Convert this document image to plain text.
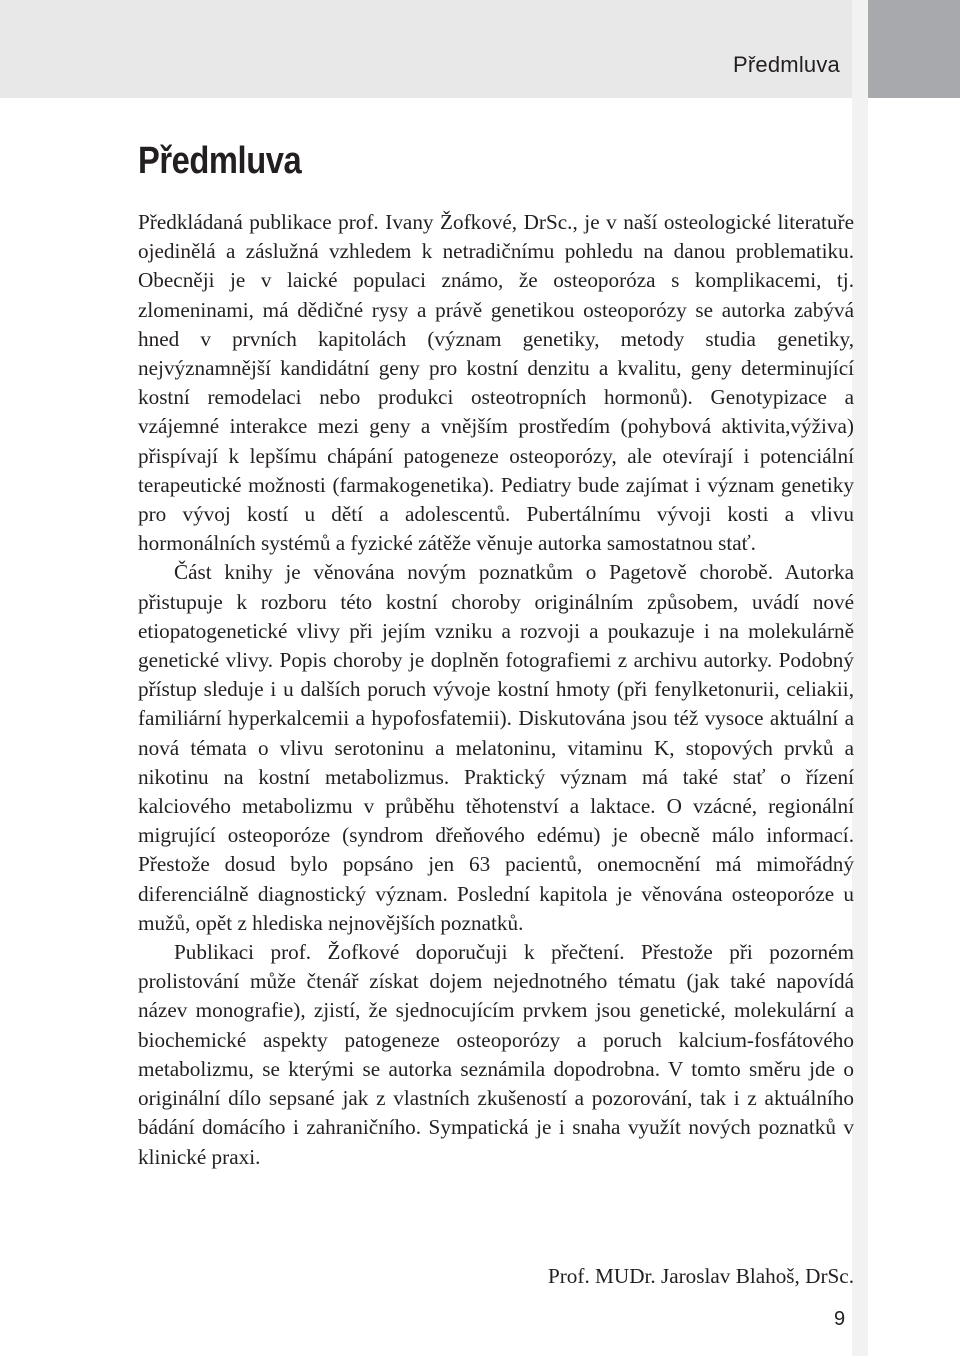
Předmluva
Předmluva

Předkládaná publikace prof. Ivany Žofkové, DrSc., je v naší osteologické literatuře ojedinělá a záslužná vzhledem k netradičnímu pohledu na danou problematiku. Obecněji je v laické populaci známo, že osteoporóza s komplikacemi, tj. zlomeninami, má dědičné rysy a právě genetikou osteoporózy se autorka zabývá hned v prvních kapitolách (význam genetiky, metody studia genetiky, nejvýznamnější kandidátní geny pro kostní denzitu a kvalitu, geny determinující kostní remodelaci nebo produkci osteotropních hormonů). Genotypizace a vzájemné interakce mezi geny a vnějším prostředím (pohybová aktivita,výživa) přispívají k lepšímu chápání patogeneze osteoporózy, ale otevírají i potenciální terapeutické možnosti (farmakogenetika). Pediatry bude zajímat i význam genetiky pro vývoj kostí u dětí a adolescentů. Pubertálnímu vývoji kosti a vlivu hormonálních systémů a fyzické zátěže věnuje autorka samostatnou stať.

Část knihy je věnována novým poznatkům o Pagetově chorobě. Autorka přistupuje k rozboru této kostní choroby originálním způsobem, uvádí nové etiopatogenetické vlivy při jejím vzniku a rozvoji a poukazuje i na molekulárně genetické vlivy. Popis choroby je doplněn fotografiemi z archivu autorky. Podobný přístup sleduje i u dalších poruch vývoje kostní hmoty (při fenylketonurii, celiakii, familiární hyperkalcemii a hypofosfatemii). Diskutována jsou též vysoce aktuální a nová témata o vlivu serotoninu a melatoninu, vitaminu K, stopových prvků a nikotinu na kostní metabolizmus. Praktický význam má také stať o řízení kalciového metabolizmu v průběhu těhotenství a laktace. O vzácné, regionální migrující osteoporóze (syndrom dřeňového edému) je obecně málo informací. Přestože dosud bylo popsáno jen 63 pacientů, onemocnění má mimořádný diferenciálně diagnostický význam. Poslední kapitola je věnována osteoporóze u mužů, opět z hlediska nejnovějších poznatků.

Publikaci prof. Žofkové doporučuji k přečtení. Přestože při pozorném prolistování může čtenář získat dojem nejednotného tématu (jak také napovídá název monografie), zjistí, že sjednocujícím prvkem jsou genetické, molekulární a biochemické aspekty patogeneze osteoporózy a poruch kalcium-fosfátového metabolizmu, se kterými se autorka seznámila dopodrobna. V tomto směru jde o originální dílo sepsané jak z vlastních zkušeností a pozorování, tak i z aktuálního bádání domácího i zahraničního. Sympatická je i snaha využít nových poznatků v klinické praxi.

Prof. MUDr. Jaroslav Blahoš, DrSc.
9
